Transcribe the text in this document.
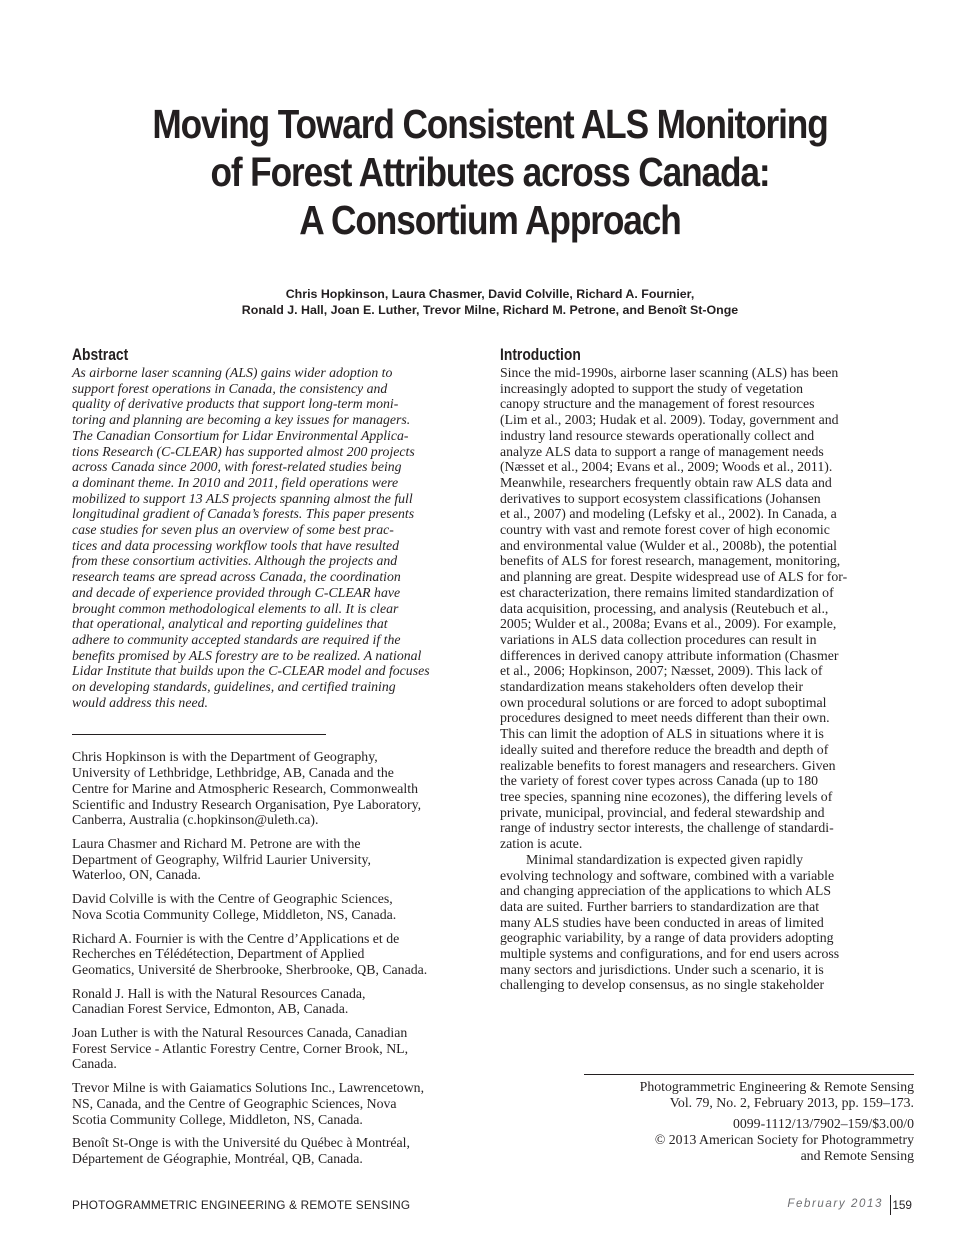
Moving Toward Consistent ALS Monitoring
of Forest Attributes across Canada:
A Consortium Approach
Chris Hopkinson, Laura Chasmer, David Colville, Richard A. Fournier,
Ronald J. Hall, Joan E. Luther, Trevor Milne, Richard M. Petrone, and Benoît St-Onge
Abstract
As airborne laser scanning (ALS) gains wider adoption to
support forest operations in Canada, the consistency and
quality of derivative products that support long-term moni-
toring and planning are becoming a key issues for managers.
The Canadian Consortium for Lidar Environmental Applica-
tions Research (C-CLEAR) has supported almost 200 projects
across Canada since 2000, with forest-related studies being
a dominant theme. In 2010 and 2011, field operations were
mobilized to support 13 ALS projects spanning almost the full
longitudinal gradient of Canada’s forests. This paper presents
case studies for seven plus an overview of some best prac-
tices and data processing workflow tools that have resulted
from these consortium activities. Although the projects and
research teams are spread across Canada, the coordination
and decade of experience provided through C-CLEAR have
brought common methodological elements to all. It is clear
that operational, analytical and reporting guidelines that
adhere to community accepted standards are required if the
benefits promised by ALS forestry are to be realized. A national
Lidar Institute that builds upon the C-CLEAR model and focuses
on developing standards, guidelines, and certified training
would address this need.
Chris Hopkinson is with the Department of Geography,
University of Lethbridge, Lethbridge, AB, Canada and the
Centre for Marine and Atmospheric Research, Commonwealth
Scientific and Industry Research Organisation, Pye Laboratory,
Canberra, Australia (c.hopkinson@uleth.ca).
Laura Chasmer and Richard M. Petrone are with the
Department of Geography, Wilfrid Laurier University,
Waterloo, ON, Canada.
David Colville is with the Centre of Geographic Sciences,
Nova Scotia Community College, Middleton, NS, Canada.
Richard A. Fournier is with the Centre d’Applications et de
Recherches en Télédétection, Department of Applied
Geomatics, Université de Sherbrooke, Sherbrooke, QB, Canada.
Ronald J. Hall is with the Natural Resources Canada,
Canadian Forest Service, Edmonton, AB, Canada.
Joan Luther is with the Natural Resources Canada, Canadian
Forest Service - Atlantic Forestry Centre, Corner Brook, NL,
Canada.
Trevor Milne is with Gaiamatics Solutions Inc., Lawrencetown,
NS, Canada, and the Centre of Geographic Sciences, Nova
Scotia Community College, Middleton, NS, Canada.
Benoît St-Onge is with the Université du Québec à Montréal,
Département de Géographie, Montréal, QB, Canada.
Introduction
Since the mid-1990s, airborne laser scanning (ALS) has been
increasingly adopted to support the study of vegetation
canopy structure and the management of forest resources
(Lim et al., 2003; Hudak et al. 2009). Today, government and
industry land resource stewards operationally collect and
analyze ALS data to support a range of management needs
(Næsset et al., 2004; Evans et al., 2009; Woods et al., 2011).
Meanwhile, researchers frequently obtain raw ALS data and
derivatives to support ecosystem classifications (Johansen
et al., 2007) and modeling (Lefsky et al., 2002). In Canada, a
country with vast and remote forest cover of high economic
and environmental value (Wulder et al., 2008b), the potential
benefits of ALS for forest research, management, monitoring,
and planning are great. Despite widespread use of ALS for for-
est characterization, there remains limited standardization of
data acquisition, processing, and analysis (Reutebuch et al.,
2005; Wulder et al., 2008a; Evans et al., 2009). For example,
variations in ALS data collection procedures can result in
differences in derived canopy attribute information (Chasmer
et al., 2006; Hopkinson, 2007; Næsset, 2009). This lack of
standardization means stakeholders often develop their
own procedural solutions or are forced to adopt suboptimal
procedures designed to meet needs different than their own.
This can limit the adoption of ALS in situations where it is
ideally suited and therefore reduce the breadth and depth of
realizable benefits to forest managers and researchers. Given
the variety of forest cover types across Canada (up to 180
tree species, spanning nine ecozones), the differing levels of
private, municipal, provincial, and federal stewardship and
range of industry sector interests, the challenge of standardi-
zation is acute.
Minimal standardization is expected given rapidly
evolving technology and software, combined with a variable
and changing appreciation of the applications to which ALS
data are suited. Further barriers to standardization are that
many ALS studies have been conducted in areas of limited
geographic variability, by a range of data providers adopting
multiple systems and configurations, and for end users across
many sectors and jurisdictions. Under such a scenario, it is
challenging to develop consensus, as no single stakeholder
Photogrammetric Engineering & Remote Sensing
Vol. 79, No. 2, February 2013, pp. 159–173.
0099-1112/13/7902–159/$3.00/0
© 2013 American Society for Photogrammetry
and Remote Sensing
PHOTOGRAMMETRIC ENGINEERING & REMOTE SENSING	February 2013 159
